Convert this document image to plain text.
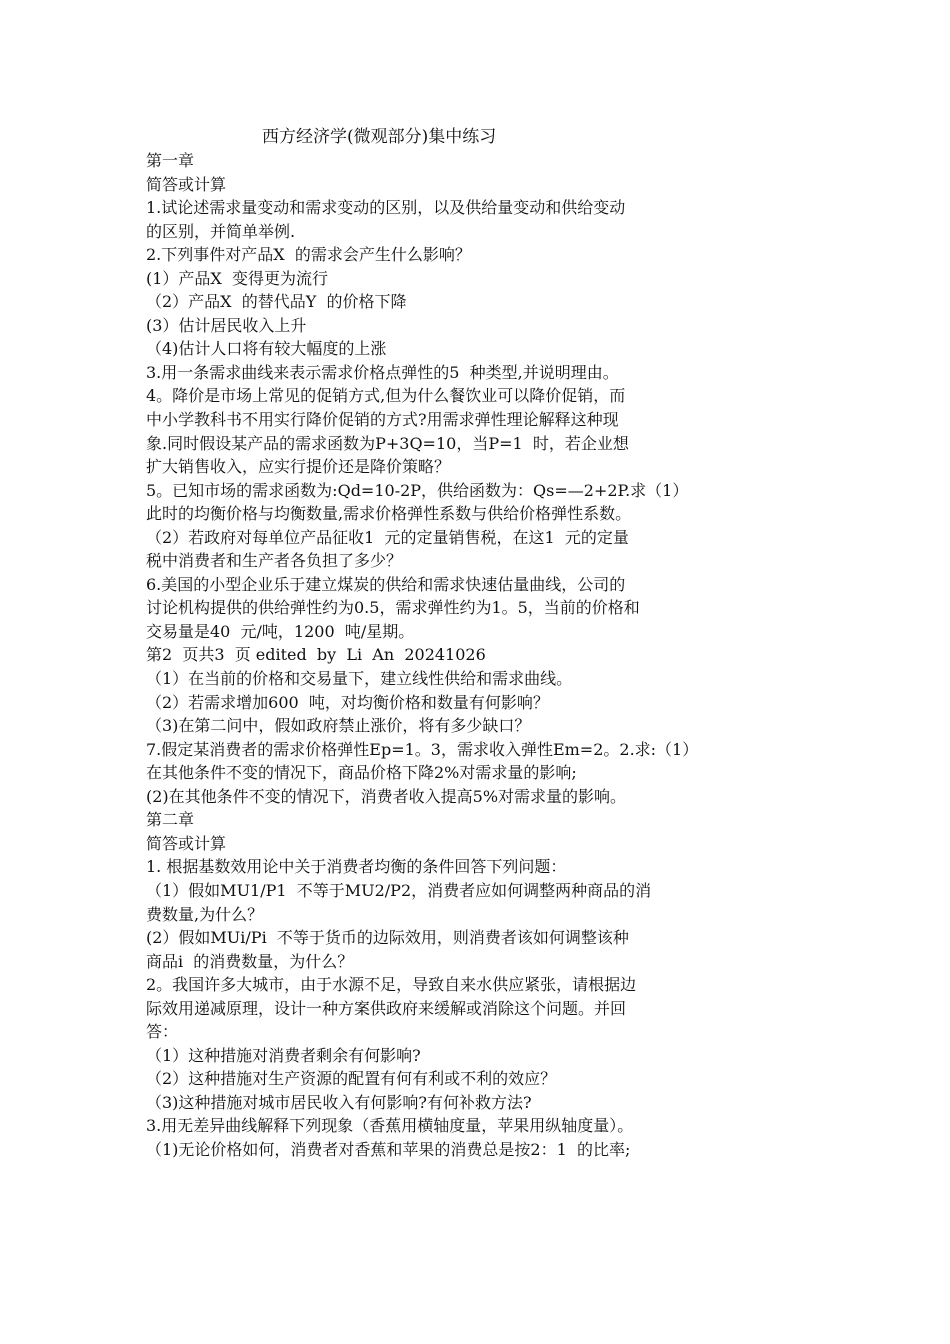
西方经济学(微观部分)集中练习
第一章
简答或计算
1.试论述需求量变动和需求变动的区别，以及供给量变动和供给变动
的区别，并简单举例.
2.下列事件对产品X  的需求会产生什么影响？
(1）产品X  变得更为流行
（2）产品X  的替代品Y  的价格下降
(3）估计居民收入上升
（4)估计人口将有较大幅度的上涨
3.用一条需求曲线来表示需求价格点弹性的5  种类型,并说明理由。
4。降价是市场上常见的促销方式,但为什么餐饮业可以降价促销，而
中小学教科书不用实行降价促销的方式?用需求弹性理论解释这种现
象.同时假设某产品的需求函数为P+3Q=10，当P=1  时，若企业想
扩大销售收入，应实行提价还是降价策略？
5。已知市场的需求函数为:Qd=10-2P，供给函数为：Qs=—2+2P.求（1）
此时的均衡价格与均衡数量,需求价格弹性系数与供给价格弹性系数。
（2）若政府对每单位产品征收1  元的定量销售税，在这1  元的定量
税中消费者和生产者各负担了多少？
6.美国的小型企业乐于建立煤炭的供给和需求快速估量曲线，公司的
讨论机构提供的供给弹性约为0.5，需求弹性约为1。5，当前的价格和
交易量是40  元/吨，1200  吨/星期。
第2  页共3  页 edited  by  Li  An  20241026
（1）在当前的价格和交易量下，建立线性供给和需求曲线。
（2）若需求增加600  吨，对均衡价格和数量有何影响？
（3)在第二问中，假如政府禁止涨价，将有多少缺口？
7.假定某消费者的需求价格弹性Ep=1。3，需求收入弹性Em=2。2.求:（1）
在其他条件不变的情况下，商品价格下降2%对需求量的影响;
(2)在其他条件不变的情况下，消费者收入提高5%对需求量的影响。
第二章
简答或计算
1. 根据基数效用论中关于消费者均衡的条件回答下列问题：
（1）假如MU1/P1  不等于MU2/P2，消费者应如何调整两种商品的消
费数量,为什么？
(2）假如MUi/Pi  不等于货币的边际效用，则消费者该如何调整该种
商品i  的消费数量，为什么？
2。我国许多大城市，由于水源不足，导致自来水供应紧张，请根据边
际效用递减原理，设计一种方案供政府来缓解或消除这个问题。并回
答：
（1）这种措施对消费者剩余有何影响?
（2）这种措施对生产资源的配置有何有利或不利的效应？
（3)这种措施对城市居民收入有何影响?有何补救方法?
3.用无差异曲线解释下列现象（香蕉用横轴度量，苹果用纵轴度量）。
（1)无论价格如何，消费者对香蕉和苹果的消费总是按2：1  的比率;
